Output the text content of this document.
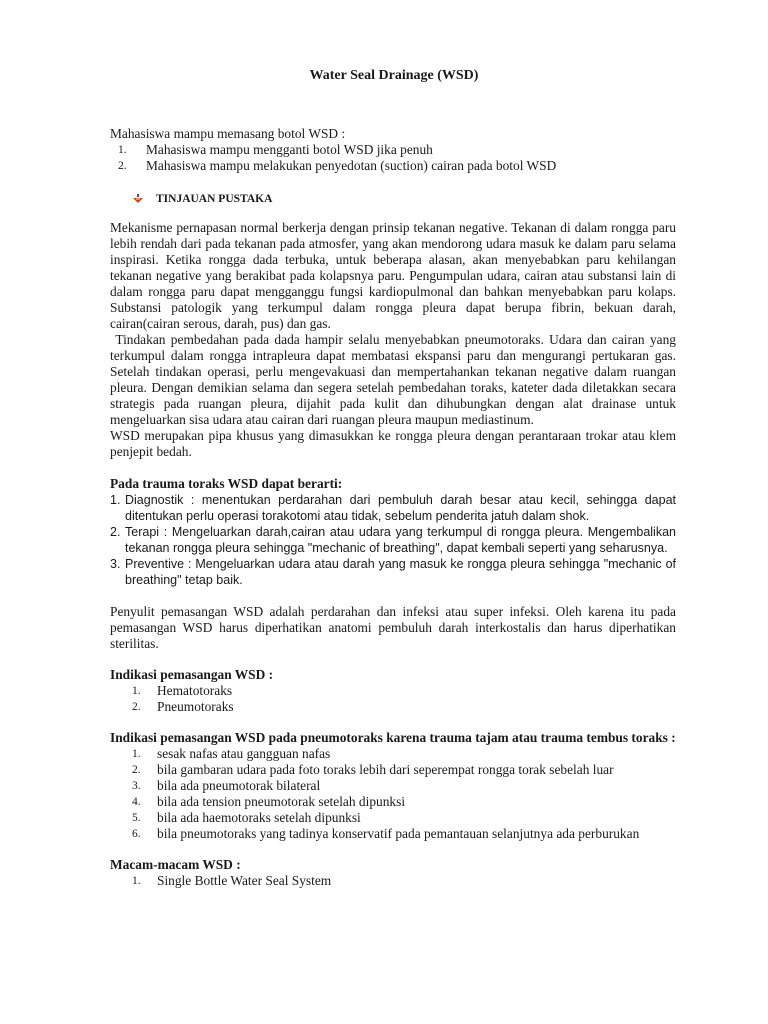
Water Seal Drainage (WSD)

Mahasiswa mampu memasang botol WSD :

1. Mahasiswa mampu mengganti botol WSD jika penuh
2. Mahasiswa mampu melakukan penyedotan (suction) cairan pada botol WSD
TINJAUAN PUSTAKA

Mekanisme pernapasan normal berkerja dengan prinsip tekanan negative. Tekanan di dalam rongga paru lebih rendah dari pada tekanan pada atmosfer, yang akan mendorong udara masuk ke dalam paru selama inspirasi. Ketika rongga dada terbuka, untuk beberapa alasan, akan menyebabkan paru kehilangan tekanan negative yang berakibat pada kolapsnya paru. Pengumpulan udara, cairan atau substansi lain di dalam rongga paru dapat mengganggu fungsi kardiopulmonal dan bahkan menyebabkan paru kolaps. Substansi patologik yang terkumpul dalam rongga pleura dapat berupa fibrin, bekuan darah, cairan(cairan serous, darah, pus) dan gas.

Tindakan pembedahan pada dada hampir selalu menyebabkan pneumotoraks. Udara dan cairan yang terkumpul dalam rongga intrapleura dapat membatasi ekspansi paru dan mengurangi pertukaran gas. Setelah tindakan operasi, perlu mengevakuasi dan mempertahankan tekanan negative dalam ruangan pleura. Dengan demikian selama dan segera setelah pembedahan toraks, kateter dada diletakkan secara strategis pada ruangan pleura, dijahit pada kulit dan dihubungkan dengan alat drainase untuk mengeluarkan sisa udara atau cairan dari ruangan pleura maupun mediastinum.

WSD merupakan pipa khusus yang dimasukkan ke rongga pleura dengan perantaraan trokar atau klem penjepit bedah.

Pada trauma toraks WSD dapat berarti:

1. Diagnostik : menentukan perdarahan dari pembuluh darah besar atau kecil, sehingga dapat ditentukan perlu operasi torakotomi atau tidak, sebelum penderita jatuh dalam shok.
2. Terapi : Mengeluarkan darah,cairan atau udara yang terkumpul di rongga pleura. Mengembalikan tekanan rongga pleura sehingga "mechanic of breathing", dapat kembali seperti yang seharusnya.
3. Preventive : Mengeluarkan udara atau darah yang masuk ke rongga pleura sehingga "mechanic of breathing" tetap baik.

Penyulit pemasangan WSD adalah perdarahan dan infeksi atau super infeksi. Oleh karena itu pada pemasangan WSD harus diperhatikan anatomi pembuluh darah interkostalis dan harus diperhatikan sterilitas.

Indikasi pemasangan WSD :

1. Hematotoraks
2. Pneumotoraks

Indikasi pemasangan WSD pada pneumotoraks karena trauma tajam atau trauma tembus toraks :

1. sesak nafas atau gangguan nafas
2. bila gambaran udara pada foto toraks lebih dari seperempat rongga torak sebelah luar
3. bila ada pneumotorak bilateral
4. bila ada tension pneumotorak setelah dipunksi
5. bila ada haemotoraks setelah dipunksi
6. bila pneumotoraks yang tadinya konservatif pada pemantauan selanjutnya ada perburukan

Macam-macam WSD :

1. Single Bottle Water Seal System
